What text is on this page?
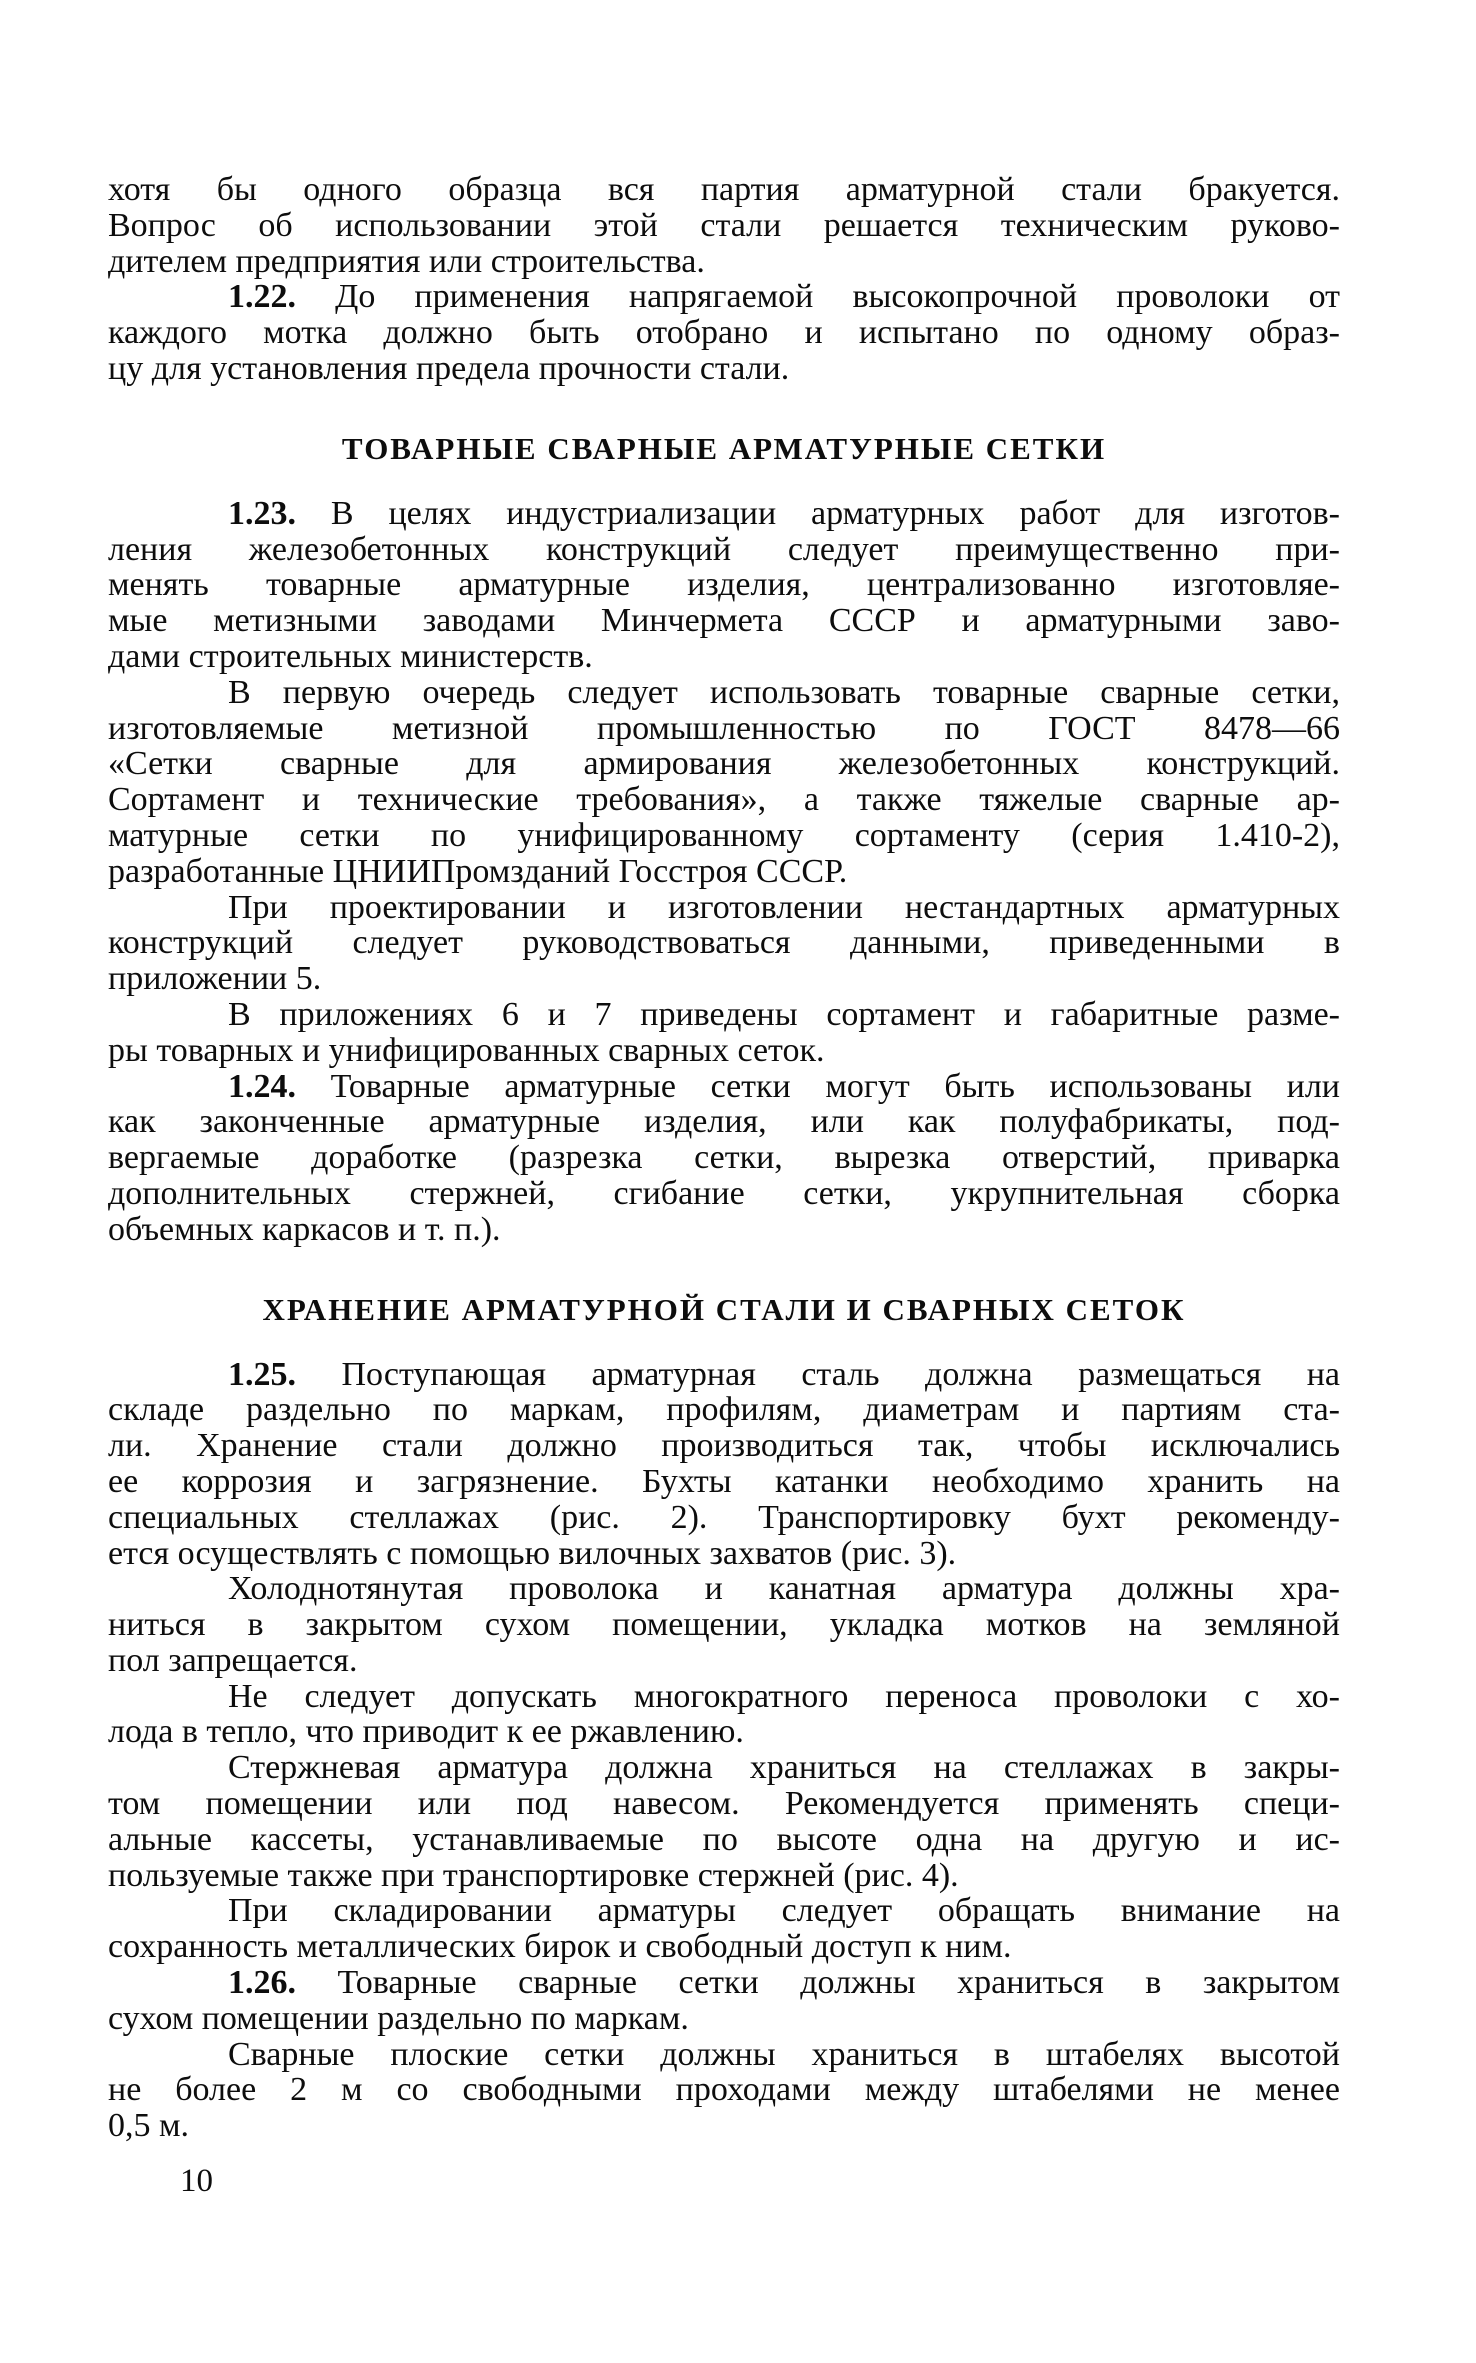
хотя бы одного образца вся партия арматурной стали бракуется.
Вопрос об использовании этой стали решается техническим руково-
дителем предприятия или строительства.
1.22. До применения напрягаемой высокопрочной проволоки от
каждого мотка должно быть отобрано и испытано по одному образ-
цу для установления предела прочности стали.
ТОВАРНЫЕ СВАРНЫЕ АРМАТУРНЫЕ СЕТКИ
1.23. В целях индустриализации арматурных работ для изготов-
ления железобетонных конструкций следует преимущественно при-
менять товарные арматурные изделия, централизованно изготовляе-
мые метизными заводами Минчермета СССР и арматурными заво-
дами строительных министерств.
В первую очередь следует использовать товарные сварные сетки,
изготовляемые метизной промышленностью по ГОСТ 8478—66
«Сетки сварные для армирования железобетонных конструкций.
Сортамент и технические требования», а также тяжелые сварные ар-
матурные сетки по унифицированному сортаменту (серия 1.410-2),
разработанные ЦНИИПромзданий Госстроя СССР.
При проектировании и изготовлении нестандартных арматурных
конструкций следует руководствоваться данными, приведенными в
приложении 5.
В приложениях 6 и 7 приведены сортамент и габаритные разме-
ры товарных и унифицированных сварных сеток.
1.24. Товарные арматурные сетки могут быть использованы или
как законченные арматурные изделия, или как полуфабрикаты, под-
вергаемые доработке (разрезка сетки, вырезка отверстий, приварка
дополнительных стержней, сгибание сетки, укрупнительная сборка
объемных каркасов и т. п.).
ХРАНЕНИЕ АРМАТУРНОЙ СТАЛИ И СВАРНЫХ СЕТОК
1.25. Поступающая арматурная сталь должна размещаться на
складе раздельно по маркам, профилям, диаметрам и партиям ста-
ли. Хранение стали должно производиться так, чтобы исключались
ее коррозия и загрязнение. Бухты катанки необходимо хранить на
специальных стеллажах (рис. 2). Транспортировку бухт рекоменду-
ется осуществлять с помощью вилочных захватов (рис. 3).
Холоднотянутая проволока и канатная арматура должны хра-
ниться в закрытом сухом помещении, укладка мотков на земляной
пол запрещается.
Не следует допускать многократного переноса проволоки с хо-
лода в тепло, что приводит к ее ржавлению.
Стержневая арматура должна храниться на стеллажах в закры-
том помещении или под навесом. Рекомендуется применять специ-
альные кассеты, устанавливаемые по высоте одна на другую и ис-
пользуемые также при транспортировке стержней (рис. 4).
При складировании арматуры следует обращать внимание на
сохранность металлических бирок и свободный доступ к ним.
1.26. Товарные сварные сетки должны храниться в закрытом
сухом помещении раздельно по маркам.
Сварные плоские сетки должны храниться в штабелях высотой
не более 2 м со свободными проходами между штабелями не менее
0,5 м.
10
